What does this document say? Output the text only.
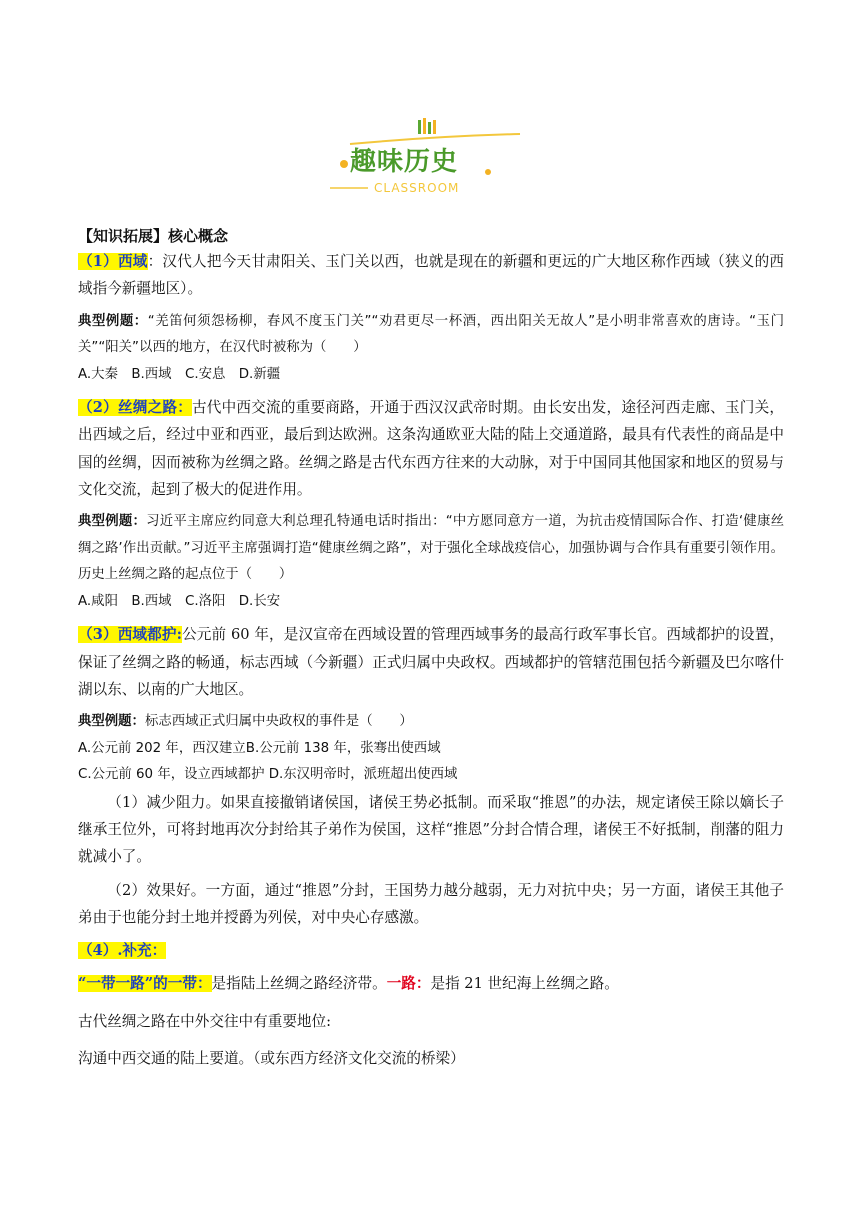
趣味历史
CLASSROOM

【知识拓展】核心概念

（1）西域：汉代人把今天甘肃阳关、玉门关以西，也就是现在的新疆和更远的广大地区称作西域（狭义的西域指今新疆地区）。

典型例题：“羌笛何须怨杨柳，春风不度玉门关”“劝君更尽一杯酒，西出阳关无故人”是小明非常喜欢的唐诗。“玉门关”“阳关”以西的地方，在汉代时被称为（　　）

A.大秦　B.西域　C.安息　D.新疆

（2）丝绸之路：古代中西交流的重要商路，开通于西汉汉武帝时期。由长安出发，途径河西走廊、玉门关，出西域之后，经过中亚和西亚，最后到达欧洲。这条沟通欧亚大陆的陆上交通道路，最具有代表性的商品是中国的丝绸，因而被称为丝绸之路。丝绸之路是古代东西方往来的大动脉，对于中国同其他国家和地区的贸易与文化交流，起到了极大的促进作用。

典型例题：习近平主席应约同意大利总理孔特通电话时指出：“中方愿同意方一道，为抗击疫情国际合作、打造‘健康丝绸之路’作出贡献。”习近平主席强调打造“健康丝绸之路”，对于强化全球战疫信心，加强协调与合作具有重要引领作用。历史上丝绸之路的起点位于（　　）

A.咸阳　B.西域　C.洛阳　D.长安

（3）西域都护:公元前 60 年，是汉宣帝在西域设置的管理西域事务的最高行政军事长官。西域都护的设置，保证了丝绸之路的畅通，标志西域（今新疆）正式归属中央政权。西域都护的管辖范围包括今新疆及巴尔喀什湖以东、以南的广大地区。

典型例题：标志西域正式归属中央政权的事件是（　　）

A.公元前 202 年，西汉建立B.公元前 138 年，张骞出使西域

C.公元前 60 年，设立西域都护 D.东汉明帝时，派班超出使西域

（1）减少阻力。如果直接撤销诸侯国，诸侯王势必抵制。而采取“推恩”的办法，规定诸侯王除以嫡长子继承王位外，可将封地再次分封给其子弟作为侯国，这样“推恩”分封合情合理，诸侯王不好抵制，削藩的阻力就减小了。

（2）效果好。一方面，通过“推恩”分封，王国势力越分越弱，无力对抗中央；另一方面，诸侯王其他子弟由于也能分封土地并授爵为列侯，对中央心存感激。

（4）.补充：

“一带一路”的一带：是指陆上丝绸之路经济带。一路：是指 21 世纪海上丝绸之路。

古代丝绸之路在中外交往中有重要地位:

沟通中西交通的陆上要道。（或东西方经济文化交流的桥梁）
